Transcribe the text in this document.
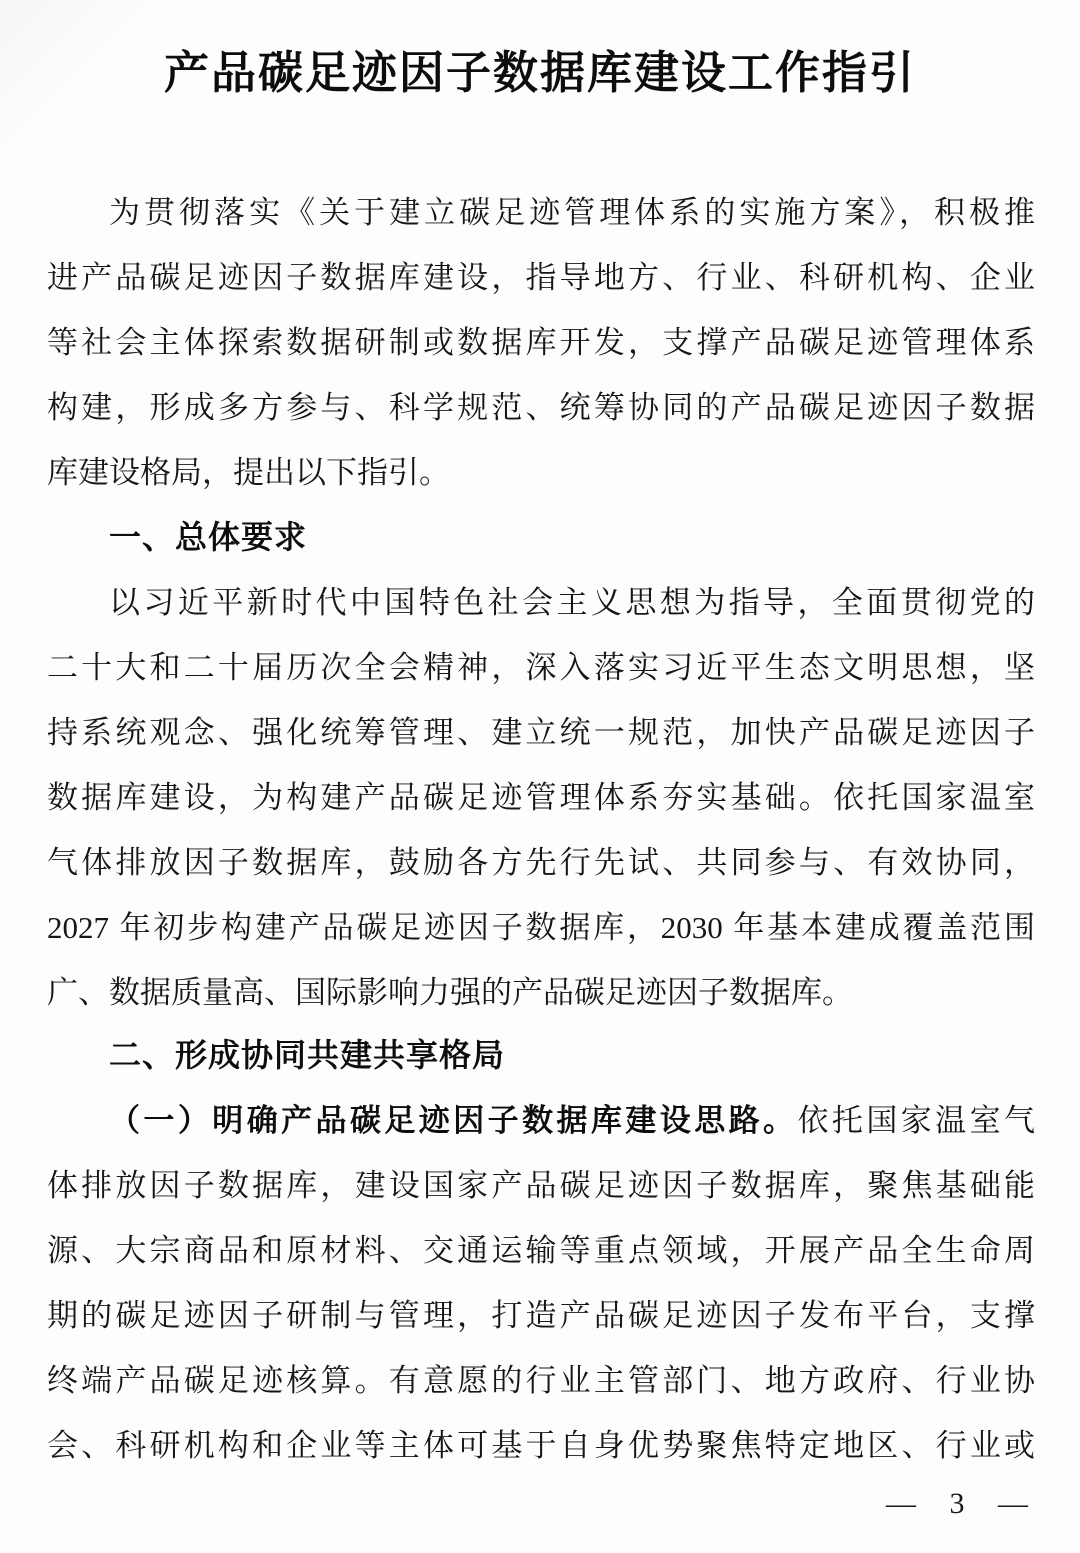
产品碳足迹因子数据库建设工作指引
为贯彻落实《关于建立碳足迹管理体系的实施方案》，积极推
进产品碳足迹因子数据库建设，指导地方、行业、科研机构、企业
等社会主体探索数据研制或数据库开发，支撑产品碳足迹管理体系
构建，形成多方参与、科学规范、统筹协同的产品碳足迹因子数据
库建设格局，提出以下指引。
一、总体要求
以习近平新时代中国特色社会主义思想为指导，全面贯彻党的
二十大和二十届历次全会精神，深入落实习近平生态文明思想，坚
持系统观念、强化统筹管理、建立统一规范，加快产品碳足迹因子
数据库建设，为构建产品碳足迹管理体系夯实基础。依托国家温室
气体排放因子数据库，鼓励各方先行先试、共同参与、有效协同，
2027 年初步构建产品碳足迹因子数据库，2030 年基本建成覆盖范围
广、数据质量高、国际影响力强的产品碳足迹因子数据库。
二、形成协同共建共享格局
（一）明确产品碳足迹因子数据库建设思路。依托国家温室气
体排放因子数据库，建设国家产品碳足迹因子数据库，聚焦基础能
源、大宗商品和原材料、交通运输等重点领域，开展产品全生命周
期的碳足迹因子研制与管理，打造产品碳足迹因子发布平台，支撑
终端产品碳足迹核算。有意愿的行业主管部门、地方政府、行业协
会、科研机构和企业等主体可基于自身优势聚焦特定地区、行业或
— 3 —
